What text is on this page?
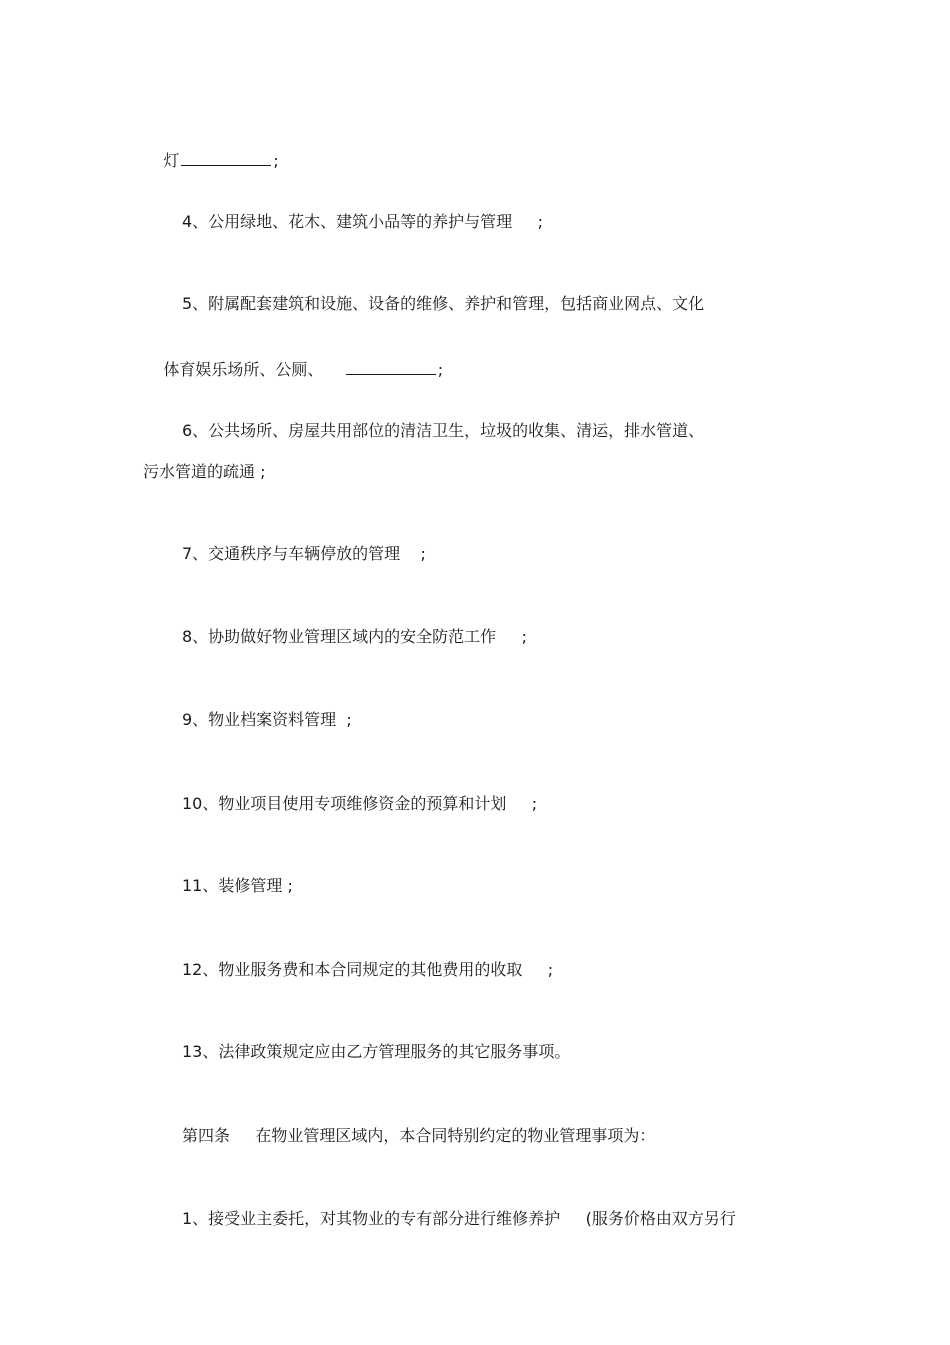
灯	;

4、公用绿地、花木、建筑小品等的养护与管理     ;
5、附属配套建筑和设施、设备的维修、养护和管理，包括商业网点、文化

体育娱乐场所、公厕、	;

6、公共场所、房屋共用部位的清洁卫生，垃圾的收集、清运，排水管道、
污水管道的疏通 ;
7、交通秩序与车辆停放的管理    ;
8、协助做好物业管理区域内的安全防范工作     ;
9、物业档案资料管理  ;
10、物业项目使用专项维修资金的预算和计划     ;
11、装修管理 ;
12、物业服务费和本合同规定的其他费用的收取     ;
13、法律政策规定应由乙方管理服务的其它服务事项。
第四条     在物业管理区域内，本合同特别约定的物业管理事项为：
1、接受业主委托，对其物业的专有部分进行维修养护     (服务价格由双方另行
